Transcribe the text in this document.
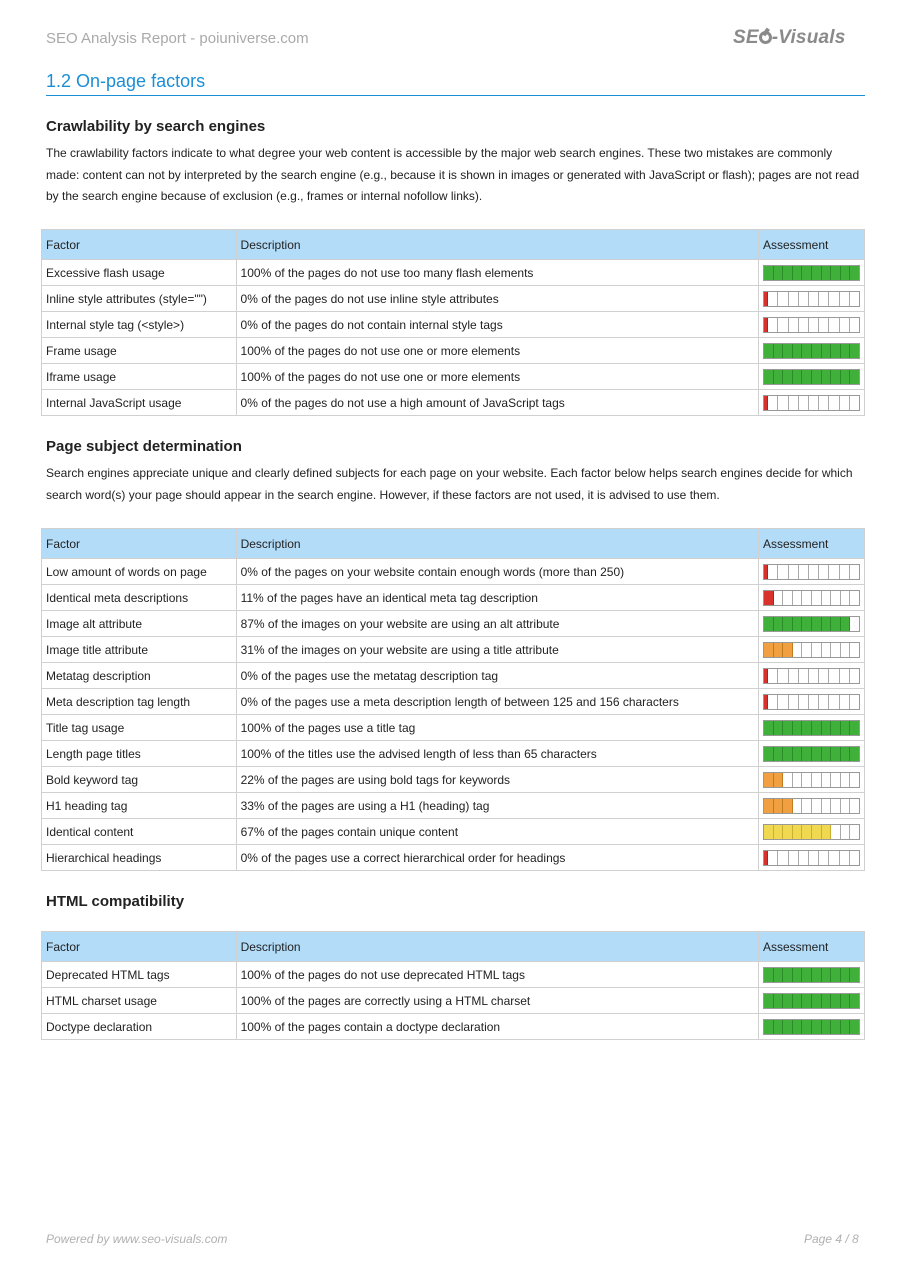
SEO Analysis Report - poiuniverse.com	SE -Visuals
1.2 On-page factors
Crawlability by search engines

The crawlability factors indicate to what degree your web content is accessible by the major web search engines. These two mistakes are commonly made: content can not by interpreted by the search engine (e.g., because it is shown in images or generated with JavaScript or flash); pages are not read by the search engine because of exclusion (e.g., frames or internal nofollow links).

Factor	Description	Assessment
Excessive flash usage	100% of the pages do not use too many flash elements	

Inline style attributes (style="")	0% of the pages do not use inline style attributes	

Internal style tag (<style>)	0% of the pages do not contain internal style tags	

Frame usage	100% of the pages do not use one or more elements	

Iframe usage	100% of the pages do not use one or more elements	

Internal JavaScript usage	0% of the pages do not use a high amount of JavaScript tags	
Page subject determination

Search engines appreciate unique and clearly defined subjects for each page on your website. Each factor below helps search engines decide for which search word(s) your page should appear in the search engine. However, if these factors are not used, it is advised to use them.

Factor	Description	Assessment
Low amount of words on page	0% of the pages on your website contain enough words (more than 250)	

Identical meta descriptions	11% of the pages have an identical meta tag description	

Image alt attribute	87% of the images on your website are using an alt attribute	

Image title attribute	31% of the images on your website are using a title attribute	

Metatag description	0% of the pages use the metatag description tag	

Meta description tag length	0% of the pages use a meta description length of between 125 and 156 characters	

Title tag usage	100% of the pages use a title tag	

Length page titles	100% of the titles use the advised length of less than 65 characters	

Bold keyword tag	22% of the pages are using bold tags for keywords	

H1 heading tag	33% of the pages are using a H1 (heading) tag	

Identical content	67% of the pages contain unique content	

Hierarchical headings	0% of the pages use a correct hierarchical order for headings	
HTML compatibility
Factor	Description	Assessment
Deprecated HTML tags	100% of the pages do not use deprecated HTML tags	

HTML charset usage	100% of the pages are correctly using a HTML charset	

Doctype declaration	100% of the pages contain a doctype declaration	
Powered by www.seo-visuals.com	Page 4 / 8
